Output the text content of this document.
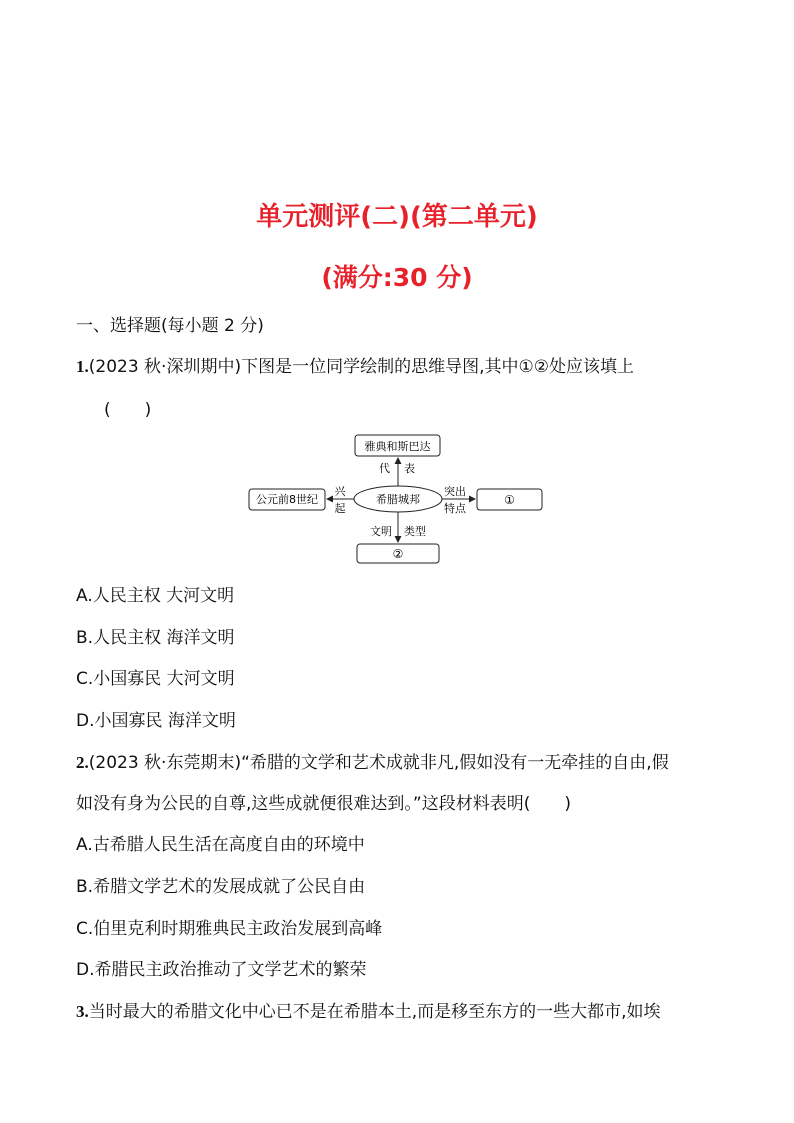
单元测评(二)(第二单元)
(满分:30 分)
一、选择题(每小题 2 分)
1.(2023 秋·深圳期中)下图是一位同学绘制的思维导图,其中①②处应该填上
(　　)
雅典和斯巴达
代 表
希腊城邦
公元前8世纪
兴
起
①
突出
特点
②
文明 类型
A.人民主权 大河文明
B.人民主权 海洋文明
C.小国寡民 大河文明
D.小国寡民 海洋文明
2.(2023 秋·东莞期末)“希腊的文学和艺术成就非凡,假如没有一无牵挂的自由,假
如没有身为公民的自尊,这些成就便很难达到。”这段材料表明(　　)
A.古希腊人民生活在高度自由的环境中
B.希腊文学艺术的发展成就了公民自由
C.伯里克利时期雅典民主政治发展到高峰
D.希腊民主政治推动了文学艺术的繁荣
3.当时最大的希腊文化中心已不是在希腊本土,而是移至东方的一些大都市,如埃
